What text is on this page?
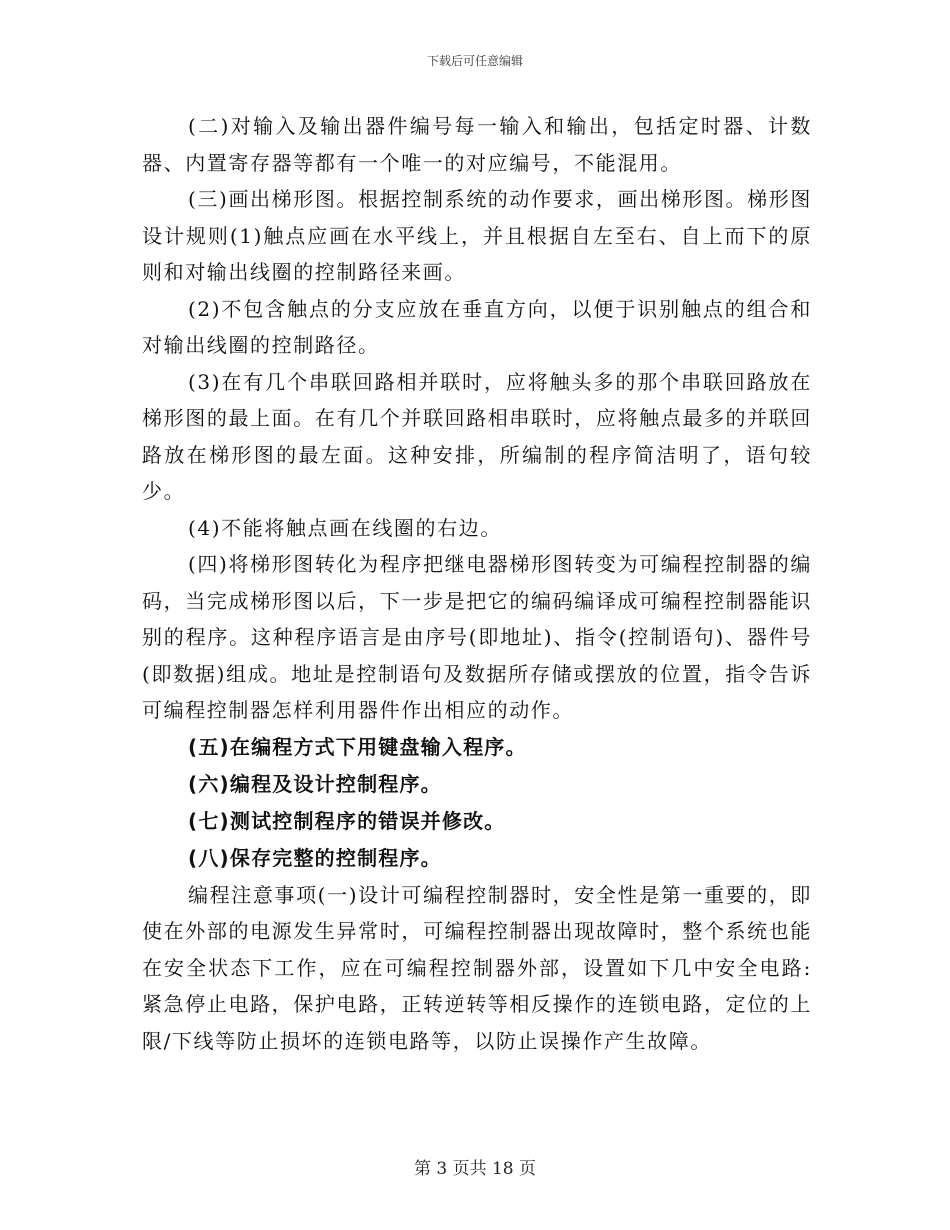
下载后可任意编辑

(二)对输入及输出器件编号每一输入和输出，包括定时器、计数器、内置寄存器等都有一个唯一的对应编号，不能混用。

(三)画出梯形图。根据控制系统的动作要求，画出梯形图。梯形图设计规则(1)触点应画在水平线上，并且根据自左至右、自上而下的原则和对输出线圈的控制路径来画。

(2)不包含触点的分支应放在垂直方向，以便于识别触点的组合和对输出线圈的控制路径。

(3)在有几个串联回路相并联时，应将触头多的那个串联回路放在梯形图的最上面。在有几个并联回路相串联时，应将触点最多的并联回路放在梯形图的最左面。这种安排，所编制的程序简洁明了，语句较少。

(4)不能将触点画在线圈的右边。

(四)将梯形图转化为程序把继电器梯形图转变为可编程控制器的编码，当完成梯形图以后，下一步是把它的编码编译成可编程控制器能识别的程序。这种程序语言是由序号(即地址)、指令(控制语句)、器件号(即数据)组成。地址是控制语句及数据所存储或摆放的位置，指令告诉可编程控制器怎样利用器件作出相应的动作。

(五)在编程方式下用键盘输入程序。

(六)编程及设计控制程序。

(七)测试控制程序的错误并修改。

(八)保存完整的控制程序。

编程注意事项(一)设计可编程控制器时，安全性是第一重要的，即使在外部的电源发生异常时，可编程控制器出现故障时，整个系统也能在安全状态下工作，应在可编程控制器外部，设置如下几中安全电路:紧急停止电路，保护电路，正转逆转等相反操作的连锁电路，定位的上限/下线等防止损坏的连锁电路等，以防止误操作产生故障。

第 3 页共 18 页
